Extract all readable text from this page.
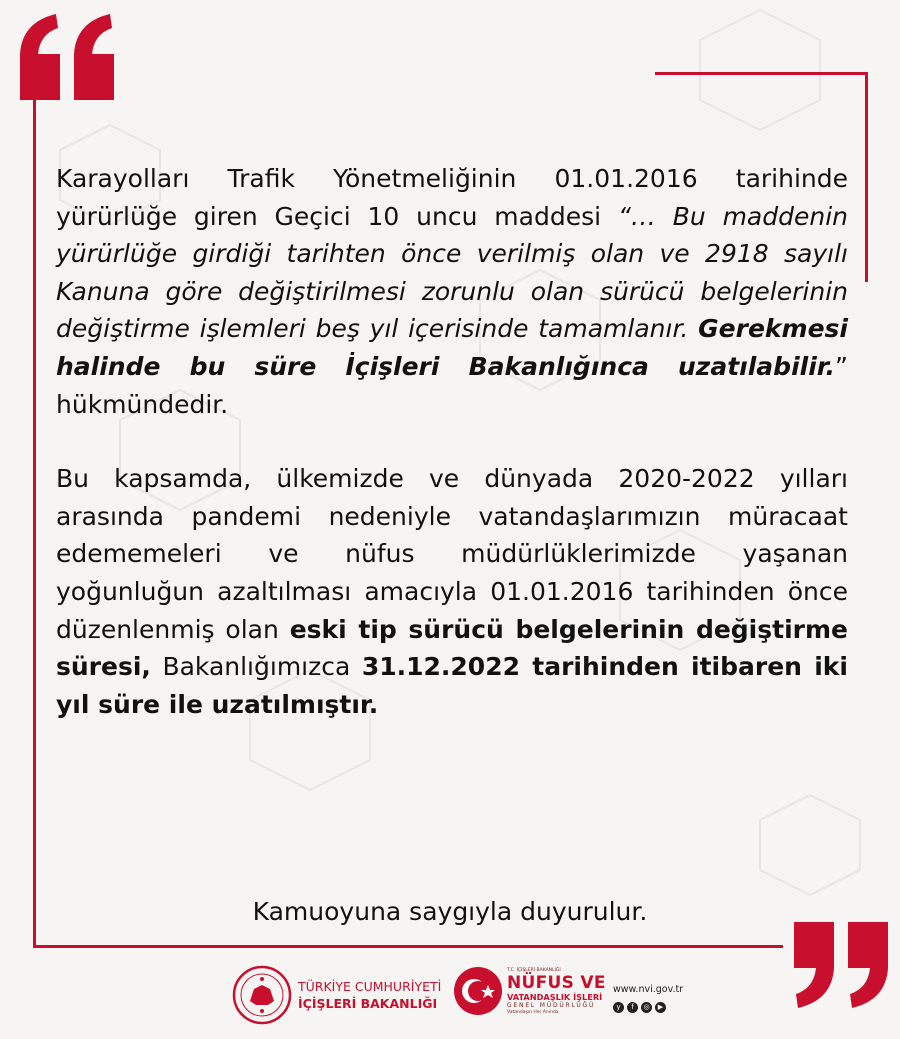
Karayolları Trafik Yönetmeliğinin 01.01.2016 tarihinde yürürlüğe giren Geçici 10 uncu maddesi “… Bu maddenin yürürlüğe girdiği tarihten önce verilmiş olan ve 2918 sayılı Kanuna göre değiştirilmesi zorunlu olan sürücü belgelerinin değiştirme işlemleri beş yıl içerisinde tamamlanır. Gerekmesi halinde bu süre İçişleri Bakanlığınca uzatılabilir.” hükmündedir.

Bu kapsamda, ülkemizde ve dünyada 2020-2022 yılları arasında pandemi nedeniyle vatandaşlarımızın müracaat edememeleri ve nüfus müdürlüklerimizde yaşanan yoğunluğun azaltılması amacıyla 01.01.2016 tarihinden önce düzenlenmiş olan eski tip sürücü belgelerinin değiştirme süresi, Bakanlığımızca 31.12.2022 tarihinden itibaren iki yıl süre ile uzatılmıştır.

Kamuoyuna saygıyla duyurulur.
TÜRKİYE CUMHURİYETİ
İÇİŞLERİ BAKANLIĞI
T.C. İÇİŞLERİ BAKANLIĞI
NÜFUS VE
VATANDAŞLIK İŞLERİ
GENEL MÜDÜRLÜĞÜ
Vatandaşın Her Anında
www.nvi.gov.tr
y	f	◎	▶
